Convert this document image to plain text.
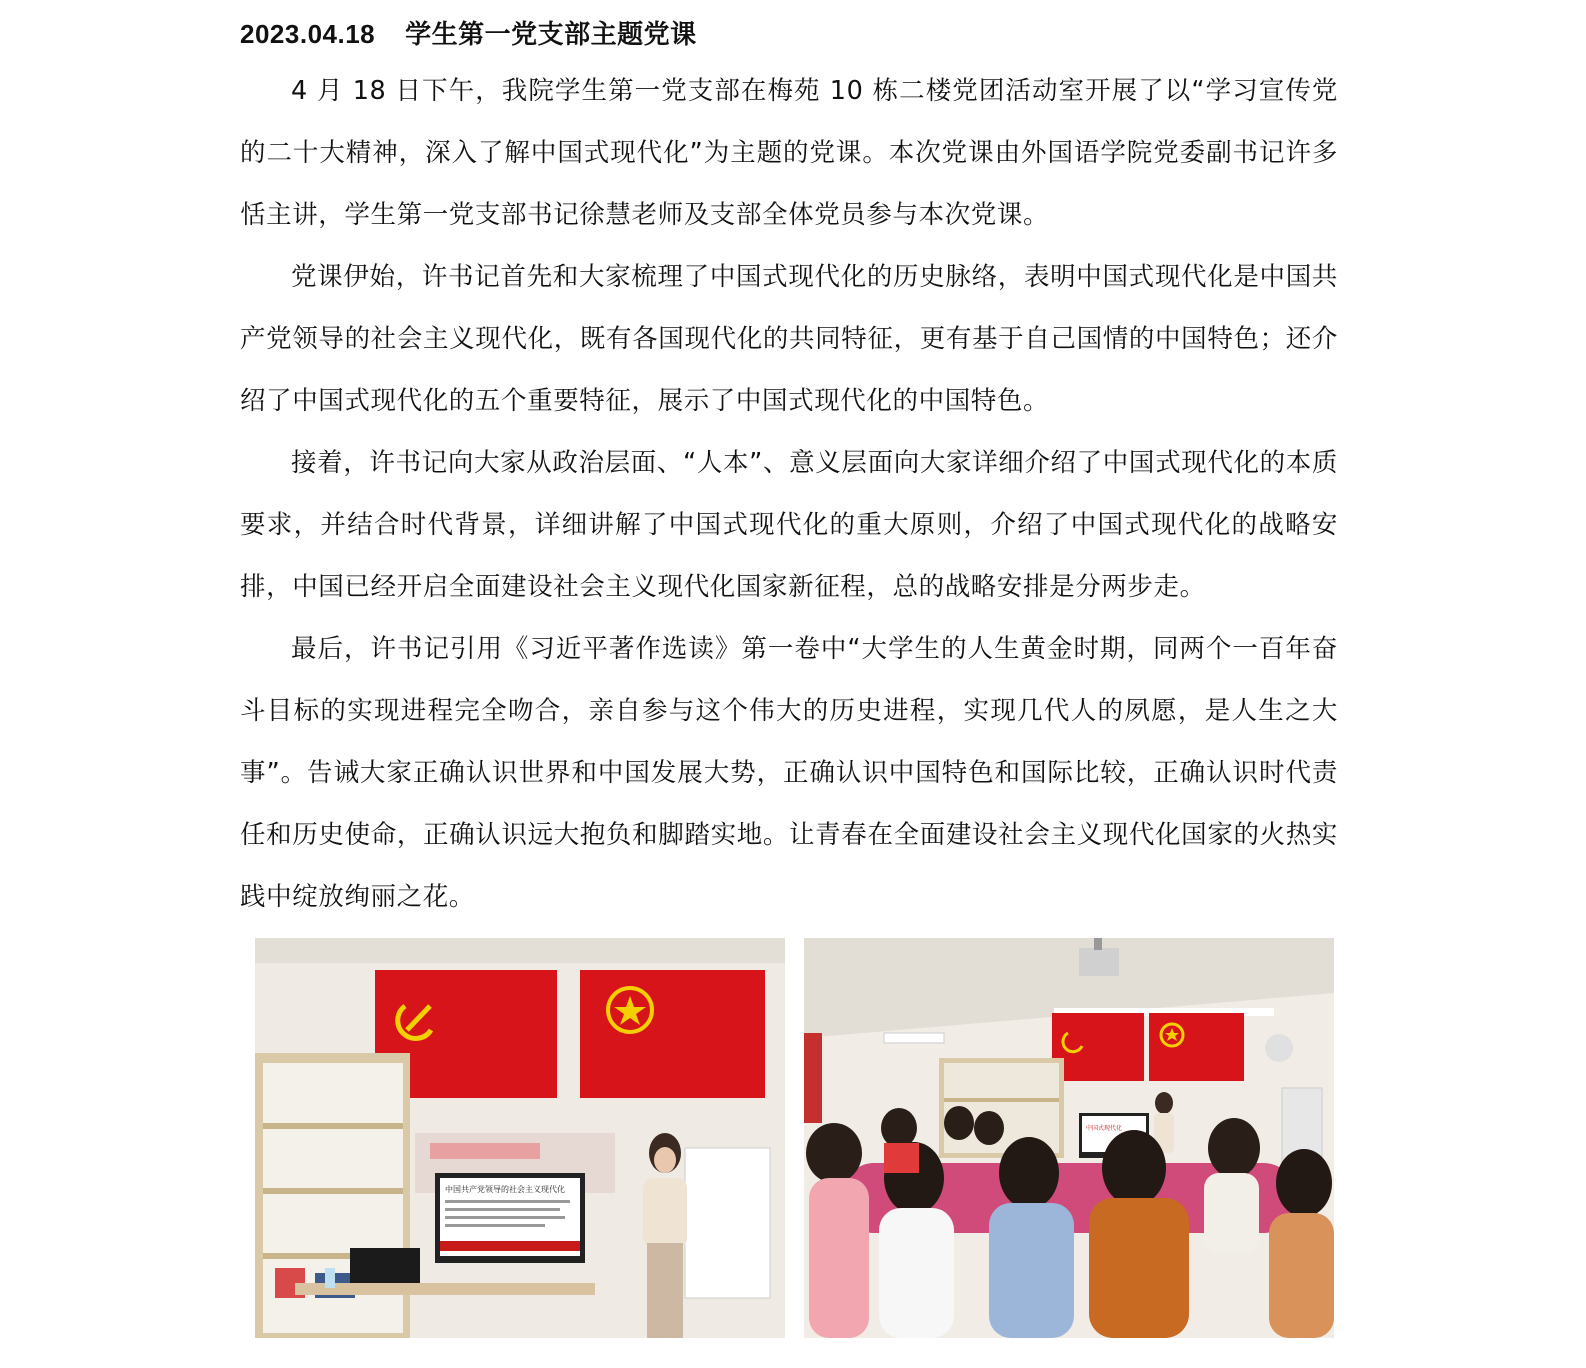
2023.04.18 学生第一党支部主题党课

4 月 18 日下午，我院学生第一党支部在梅苑 10 栋二楼党团活动室开展了以“学习宣传党的二十大精神，深入了解中国式现代化”为主题的党课。本次党课由外国语学院党委副书记许多恬主讲，学生第一党支部书记徐慧老师及支部全体党员参与本次党课。

党课伊始，许书记首先和大家梳理了中国式现代化的历史脉络，表明中国式现代化是中国共产党领导的社会主义现代化，既有各国现代化的共同特征，更有基于自己国情的中国特色；还介绍了中国式现代化的五个重要特征，展示了中国式现代化的中国特色。

接着，许书记向大家从政治层面、“人本”、意义层面向大家详细介绍了中国式现代化的本质要求，并结合时代背景，详细讲解了中国式现代化的重大原则，介绍了中国式现代化的战略安排，中国已经开启全面建设社会主义现代化国家新征程，总的战略安排是分两步走。

最后，许书记引用《习近平著作选读》第一卷中“大学生的人生黄金时期，同两个一百年奋斗目标的实现进程完全吻合，亲自参与这个伟大的历史进程，实现几代人的夙愿，是人生之大事”。告诫大家正确认识世界和中国发展大势，正确认识中国特色和国际比较，正确认识时代责任和历史使命，正确认识远大抱负和脚踏实地。让青春在全面建设社会主义现代化国家的火热实践中绽放绚丽之花。

中国共产党领导的社会主义现代化
中国式现代化
